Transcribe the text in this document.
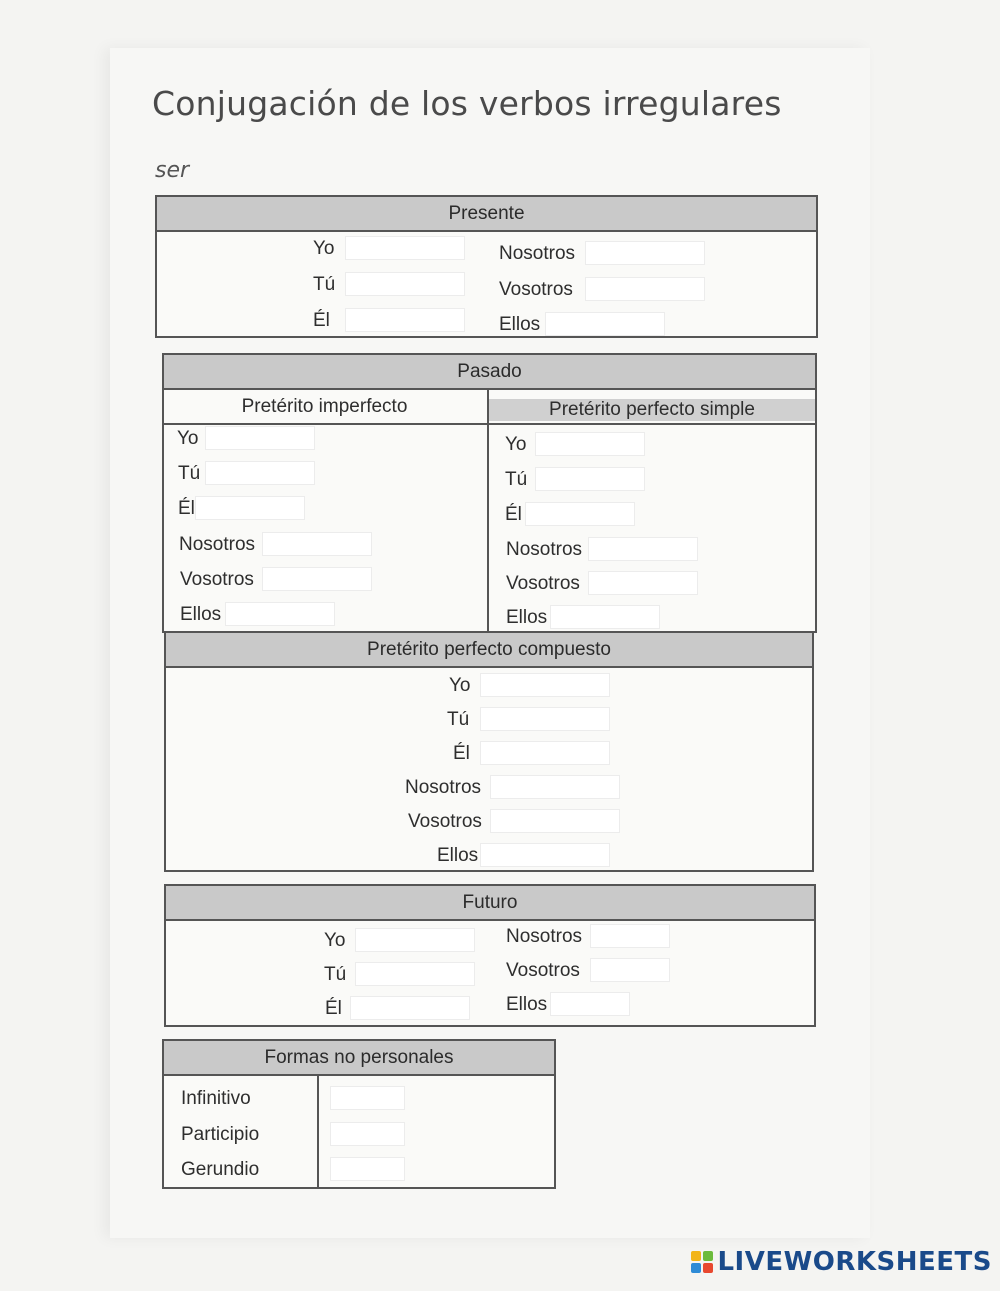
Conjugación de los verbos irregulares
ser
Presente
Yo
Tú
Él
Nosotros
Vosotros
Ellos
Pasado
Pretérito imperfecto	Pretérito perfecto simple
Yo
Tú
Él
Nosotros
Vosotros
Ellos
Yo
Tú
Él
Nosotros
Vosotros
Ellos
Pretérito perfecto compuesto
Yo
Tú
Él
Nosotros
Vosotros
Ellos
Futuro
Yo
Tú
Él
Nosotros
Vosotros
Ellos
Formas no personales
Infinitivo
Participio
Gerundio
LIVEWORKSHEETS
